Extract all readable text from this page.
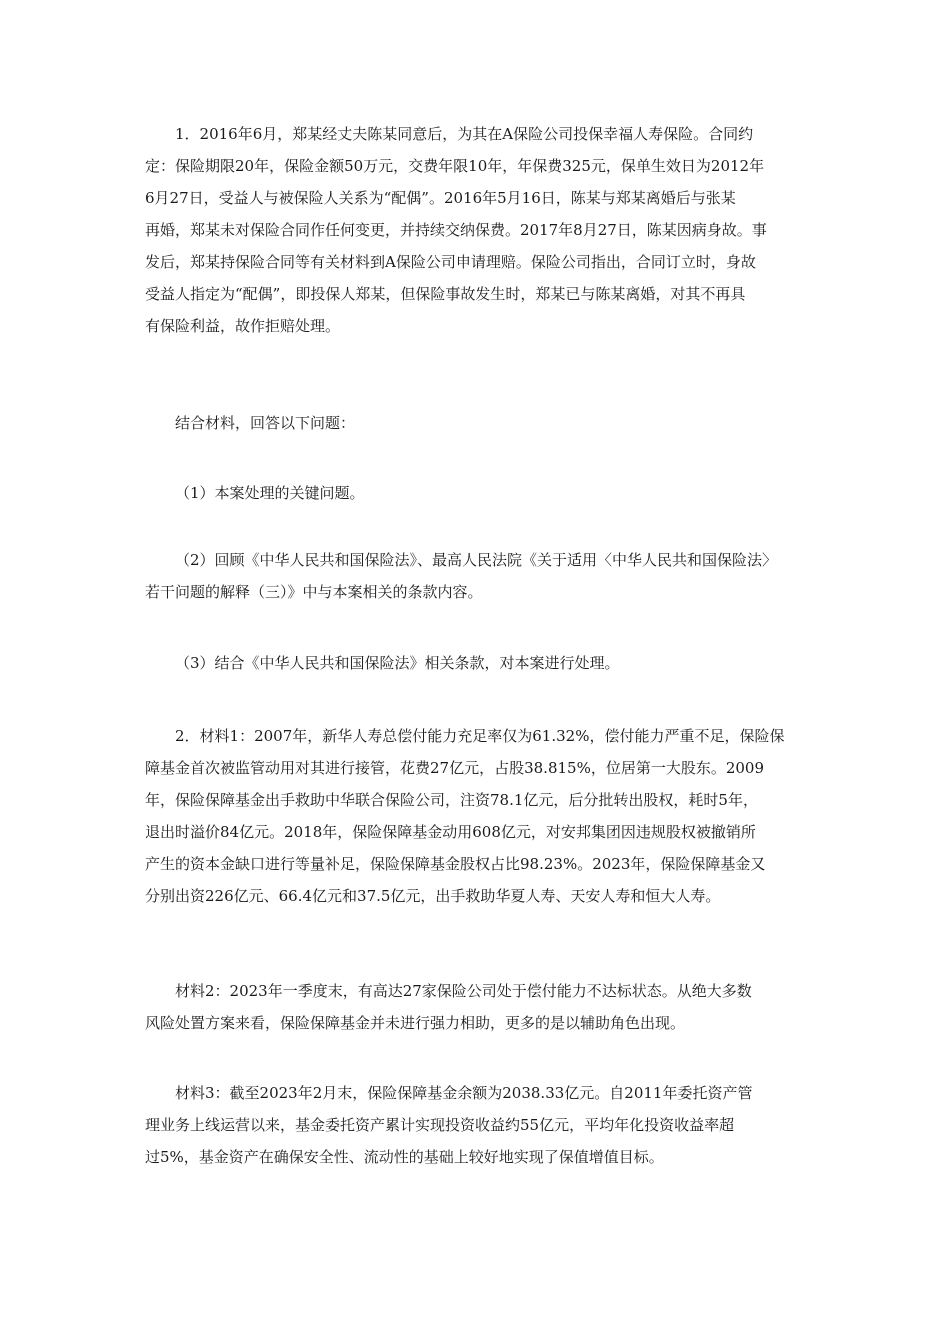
1．2016年6月，郑某经丈夫陈某同意后，为其在A保险公司投保幸福人寿保险。合同约
定：保险期限20年，保险金额50万元，交费年限10年，年保费325元，保单生效日为2012年
6月27日，受益人与被保险人关系为“配偶”。2016年5月16日，陈某与郑某离婚后与张某
再婚，郑某未对保险合同作任何变更，并持续交纳保费。2017年8月27日，陈某因病身故。事
发后，郑某持保险合同等有关材料到A保险公司申请理赔。保险公司指出，合同订立时，身故
受益人指定为“配偶”，即投保人郑某，但保险事故发生时，郑某已与陈某离婚，对其不再具
有保险利益，故作拒赔处理。
结合材料，回答以下问题：
（1）本案处理的关键问题。
（2）回顾《中华人民共和国保险法》、最高人民法院《关于适用〈中华人民共和国保险法〉
若干问题的解释（三）》中与本案相关的条款内容。
（3）结合《中华人民共和国保险法》相关条款，对本案进行处理。
2．材料1：2007年，新华人寿总偿付能力充足率仅为61.32%，偿付能力严重不足，保险保
障基金首次被监管动用对其进行接管，花费27亿元，占股38.815%，位居第一大股东。2009
年，保险保障基金出手救助中华联合保险公司，注资78.1亿元，后分批转出股权，耗时5年，
退出时溢价84亿元。2018年，保险保障基金动用608亿元，对安邦集团因违规股权被撤销所
产生的资本金缺口进行等量补足，保险保障基金股权占比98.23%。2023年，保险保障基金又
分别出资226亿元、66.4亿元和37.5亿元，出手救助华夏人寿、天安人寿和恒大人寿。
材料2：2023年一季度末，有高达27家保险公司处于偿付能力不达标状态。从绝大多数
风险处置方案来看，保险保障基金并未进行强力相助，更多的是以辅助角色出现。
材料3：截至2023年2月末，保险保障基金余额为2038.33亿元。自2011年委托资产管
理业务上线运营以来，基金委托资产累计实现投资收益约55亿元，平均年化投资收益率超
过5%，基金资产在确保安全性、流动性的基础上较好地实现了保值增值目标。
